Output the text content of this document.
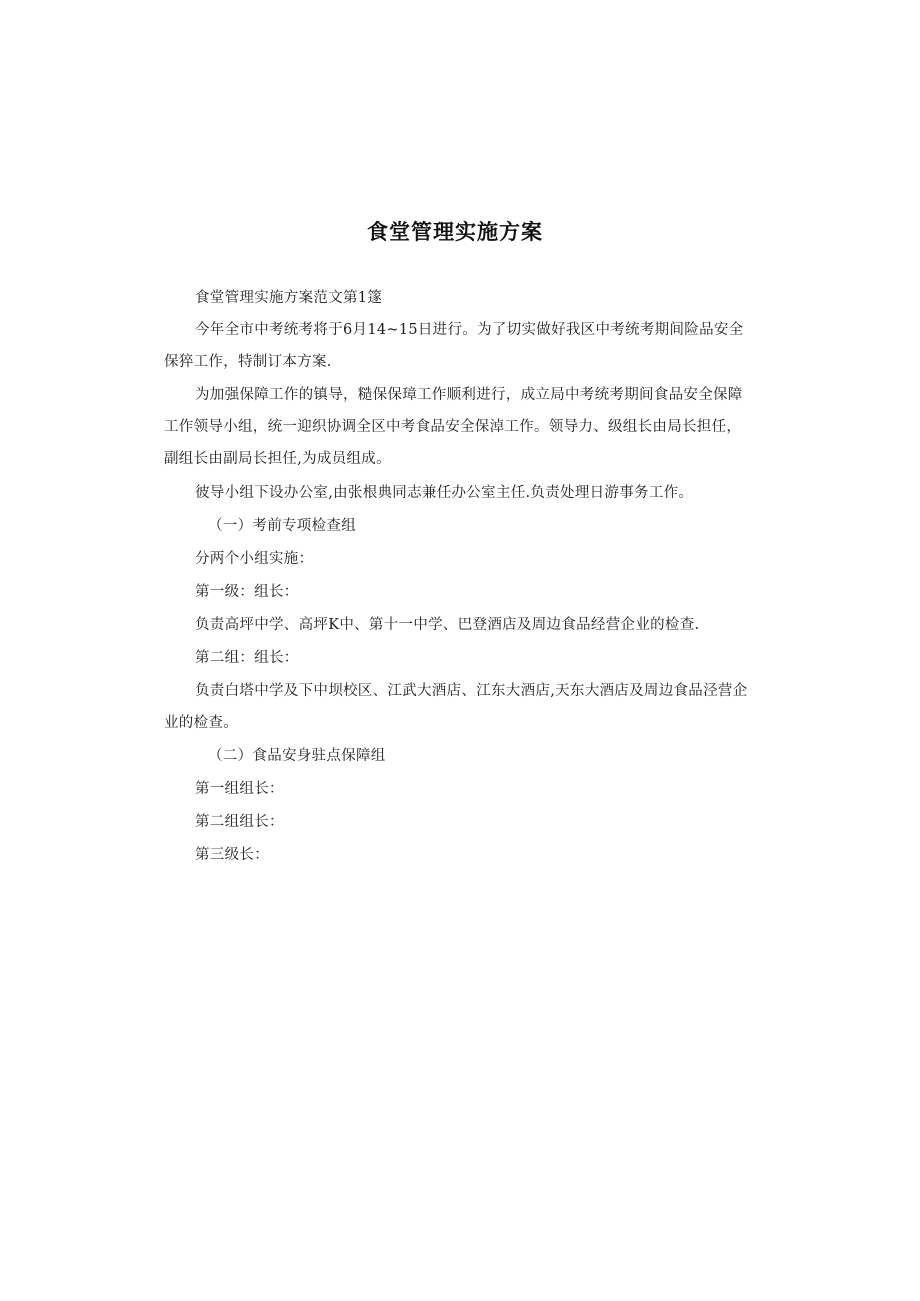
食堂管理实施方案

食堂管理实施方案范文第1篴

今年全市中考统考将于6月14~15日进行。为了切实做好我区中考统考期间险品安全保猝工作，特制订本方案.

为加强保障工作的镇导，糙保保璋工作顺利进行，成立局中考统考期间食品安全保障工作领导小组，统一迎织协调全区中考食品安全保淖工作。领导力、级组长由局长担任，副组长由副局长担任,为成员组成。

彼导小组下设办公室,由张根典同志兼任办公室主任.负责处理日游事务工作。

（一）考前专项检查组

分两个小组实施：

第一级：组长：

负责高坪中学、高坪K中、第十一中学、巴登酒店及周边食品经营企业的检查.

第二组：组长：

负责白塔中学及下中坝校区、江武大酒店、江东大酒店,天东大酒店及周边食品泾营企业的检查。

（二）食品安身驻点保障组

第一组组长：

第二组组长：

第三级长：
